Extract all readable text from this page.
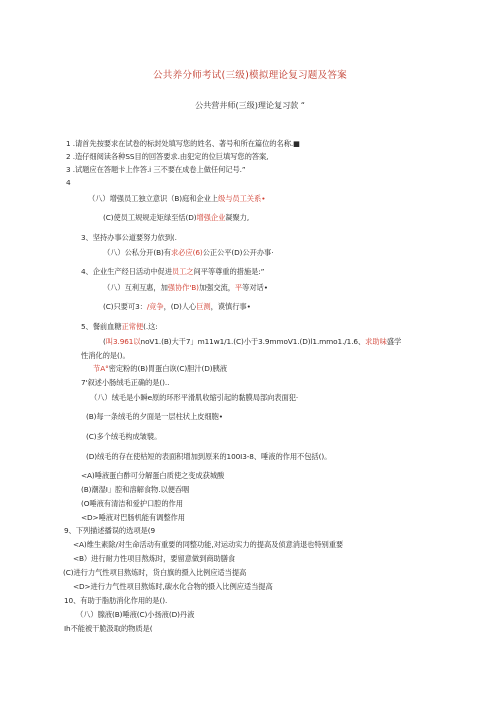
公共养分师考试(三级)模拟理论复习题及答案
公共营井师(三级)理论复习款 “
1 .请首先按要求在试卷的标封处填写您的姓名、著号和所在篇位的名称.■
2 .造仔细阅读各种SS目的回答要求.由犯定的位巨填写您的答案,
3 .试题应在答题卡上作答.i 三不要在成卷上做任何记号.”
4
（八）增强员工独立意识（B)庭和企业上级与员工关系•
(C)使员工规规走矩绿至恬(D)增强企业凝聚力,
3、坚持办事公道要努力依到(.
（八）公私分开(B)有求必应(6)公正公平(D)公开办事·
4、企业生产经日活动中促进员工之间平等尊重的措施是:”
（八）互利互惠，加强协作'B)加强交流，平等对话•
(C)只要可3：/竞争，(D)人心巨测，谟慎行事•
5、餐前血糖正常便(.这:
(叫3.961以noV1.(B)大干7」m11w1/1.(C)小于3.9mmoV1.(D)l1.mmo1./1.6、求助味盛学
性消化的是()。
节A°密定粉的(B)胃蛋白诙(C)胆汁(D)胰液
7'叙述小肠绒毛正确的是()..
（八）绒毛是小瞬e原的环形平滑肌收缩引起的黏膜局部向表面犯·
(B)每一条绒毛的夕面是一层柱状上皮细胞•
(C)多个绒毛构成皱襞。
(D)绒毛的存在使枯短的表面积增加到原来的100I3-8、唾液的作用不包括()。
<A)唾液蛋白酢可分解蛋白质使之变成获城酸
(B)潮湿I」腔和溶解食物.以便吞咽
(O唾液有清洁和爱护口腔的作用
<D>唾液对巴肠机能有调整作用
9、下列描述播误的选项是(9
<A)维生素除/对生命活动有重要的同整功能,对运动实力的提高及侦意消退也特别重要
<B）进行耐力性项目熬炼时，要留意做到商助膳食
(C)进行力气性项目熬炼时，货白旗的摄入比例应适当提高
<D>进行力气性项目熬炼时,碳水化合物的摄入比例应适当提高
10、有助于脂肪消化作用的是().
（八）腺液(B)唾液(C)小扬液(D)丹液
Ih不能被干脆汲取的物质是(
